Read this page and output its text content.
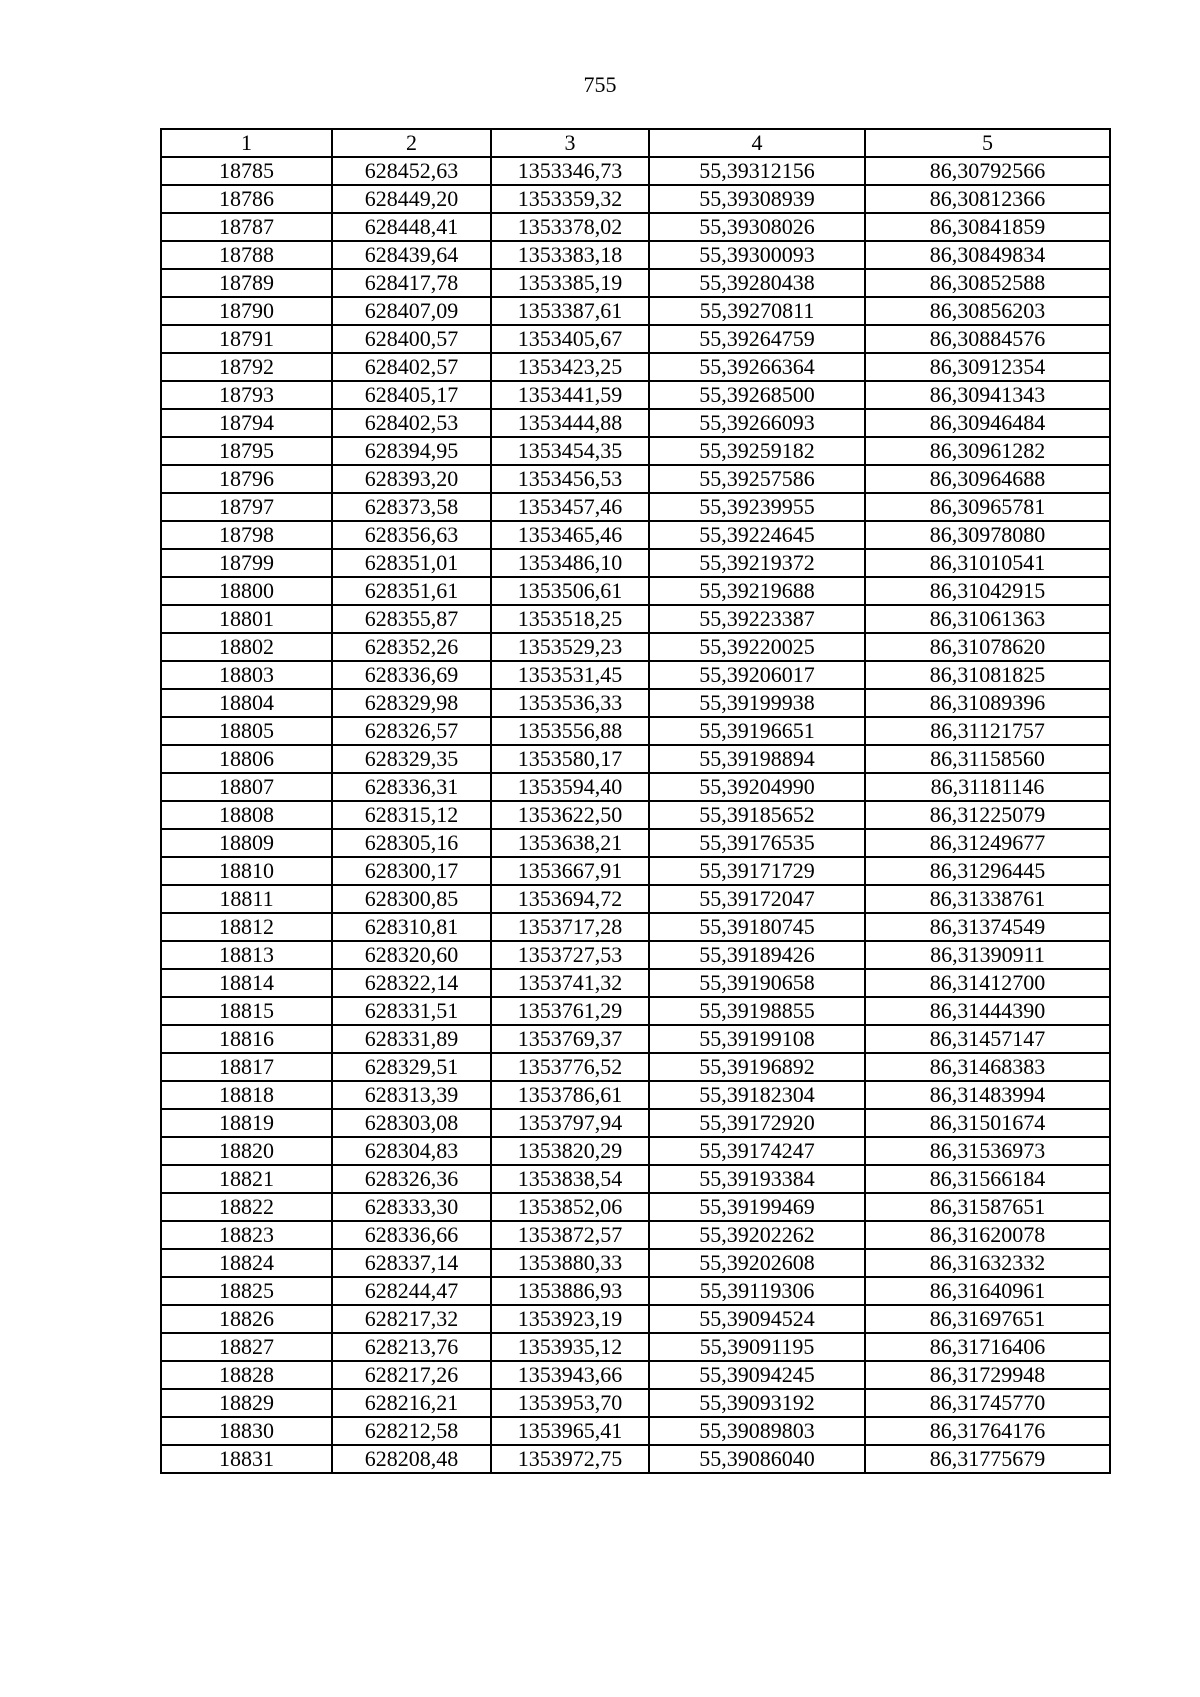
755
1	2	3	4	5
18785	628452,63	1353346,73	55,39312156	86,30792566
18786	628449,20	1353359,32	55,39308939	86,30812366
18787	628448,41	1353378,02	55,39308026	86,30841859
18788	628439,64	1353383,18	55,39300093	86,30849834
18789	628417,78	1353385,19	55,39280438	86,30852588
18790	628407,09	1353387,61	55,39270811	86,30856203
18791	628400,57	1353405,67	55,39264759	86,30884576
18792	628402,57	1353423,25	55,39266364	86,30912354
18793	628405,17	1353441,59	55,39268500	86,30941343
18794	628402,53	1353444,88	55,39266093	86,30946484
18795	628394,95	1353454,35	55,39259182	86,30961282
18796	628393,20	1353456,53	55,39257586	86,30964688
18797	628373,58	1353457,46	55,39239955	86,30965781
18798	628356,63	1353465,46	55,39224645	86,30978080
18799	628351,01	1353486,10	55,39219372	86,31010541
18800	628351,61	1353506,61	55,39219688	86,31042915
18801	628355,87	1353518,25	55,39223387	86,31061363
18802	628352,26	1353529,23	55,39220025	86,31078620
18803	628336,69	1353531,45	55,39206017	86,31081825
18804	628329,98	1353536,33	55,39199938	86,31089396
18805	628326,57	1353556,88	55,39196651	86,31121757
18806	628329,35	1353580,17	55,39198894	86,31158560
18807	628336,31	1353594,40	55,39204990	86,31181146
18808	628315,12	1353622,50	55,39185652	86,31225079
18809	628305,16	1353638,21	55,39176535	86,31249677
18810	628300,17	1353667,91	55,39171729	86,31296445
18811	628300,85	1353694,72	55,39172047	86,31338761
18812	628310,81	1353717,28	55,39180745	86,31374549
18813	628320,60	1353727,53	55,39189426	86,31390911
18814	628322,14	1353741,32	55,39190658	86,31412700
18815	628331,51	1353761,29	55,39198855	86,31444390
18816	628331,89	1353769,37	55,39199108	86,31457147
18817	628329,51	1353776,52	55,39196892	86,31468383
18818	628313,39	1353786,61	55,39182304	86,31483994
18819	628303,08	1353797,94	55,39172920	86,31501674
18820	628304,83	1353820,29	55,39174247	86,31536973
18821	628326,36	1353838,54	55,39193384	86,31566184
18822	628333,30	1353852,06	55,39199469	86,31587651
18823	628336,66	1353872,57	55,39202262	86,31620078
18824	628337,14	1353880,33	55,39202608	86,31632332
18825	628244,47	1353886,93	55,39119306	86,31640961
18826	628217,32	1353923,19	55,39094524	86,31697651
18827	628213,76	1353935,12	55,39091195	86,31716406
18828	628217,26	1353943,66	55,39094245	86,31729948
18829	628216,21	1353953,70	55,39093192	86,31745770
18830	628212,58	1353965,41	55,39089803	86,31764176
18831	628208,48	1353972,75	55,39086040	86,31775679
